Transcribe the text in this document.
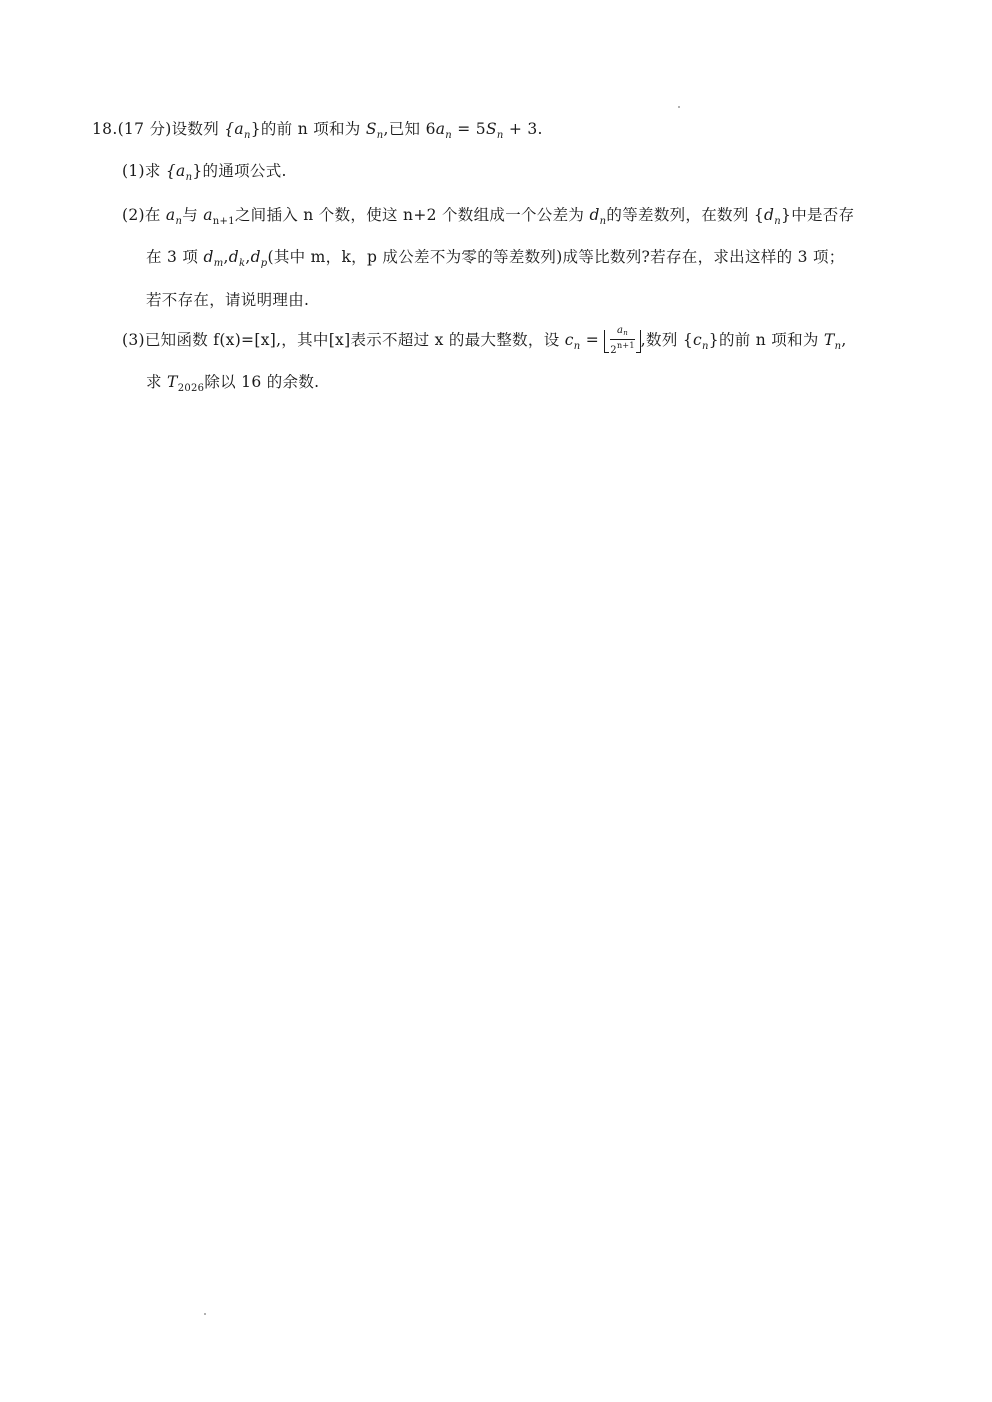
18.(17 分)设数列 $\{a_n\}$的前 n 项和为 $S_n$,已知 $6a_n = 5S_n + 3$.
(1)求 $\{a_n\}$的通项公式.
(2)在 $a_n$与 $a_{n+1}$之间插入 n 个数，使这 n+2 个数组成一个公差为 $d_n$的等差数列，在数列 $\{d_n\}$中是否存
在 3 项 $d_m,d_k,d_p$(其中 m，k，p 成公差不为零的等差数列)成等比数列?若存在，求出这样的 3 项；
若不存在，请说明理由.
(3)已知函数 f(x)=[x],，其中[x]表示不超过 x 的最大整数，设 $c_n = \frac{a_n}{2^{n+1}}$ ,数列 $\{c_n\}$的前 n 项和为 $T_n$,
求 $T_{2026}$除以 16 的余数.
